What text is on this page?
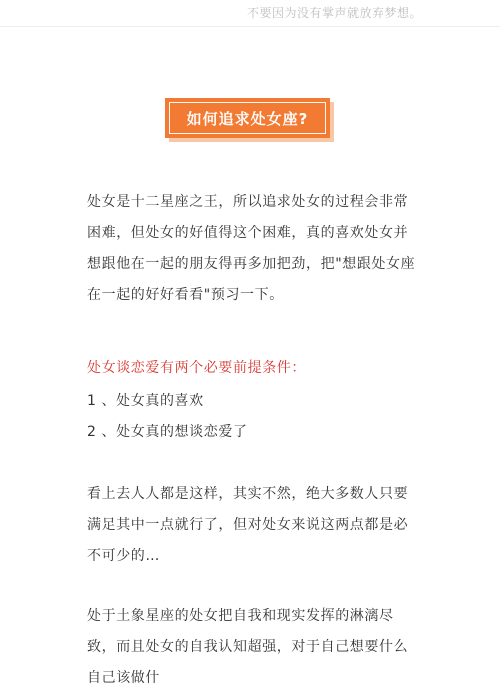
不要因为没有掌声就放弃梦想。
如何追求处女座?

处女是十二星座之王，所以追求处女的过程会非常困难，但处女的好值得这个困难，真的喜欢处女并想跟他在一起的朋友得再多加把劲，把"想跟处女座在一起的好好看看"预习一下。

处女谈恋爱有两个必要前提条件：

1 、处女真的喜欢
2 、处女真的想谈恋爱了

看上去人人都是这样，其实不然，绝大多数人只要满足其中一点就行了，但对处女来说这两点都是必不可少的…

处于土象星座的处女把自我和现实发挥的淋漓尽致，而且处女的自我认知超强，对于自己想要什么自己该做什
